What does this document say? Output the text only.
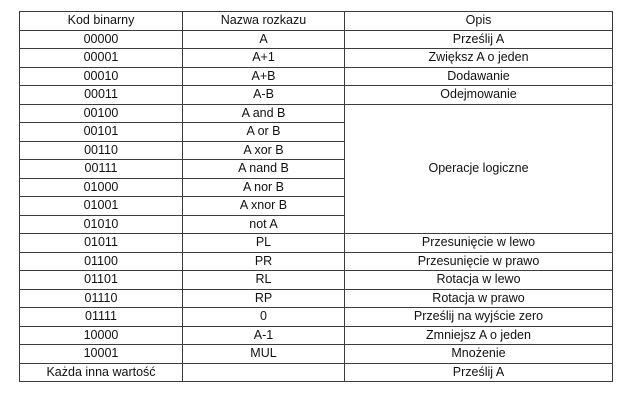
Kod binarny	Nazwa rozkazu	Opis
00000	A	Prześlij A
00001	A+1	Zwiększ A o jeden
00010	A+B	Dodawanie
00011	A-B	Odejmowanie
00100	A and B	Operacje logiczne
00101	A or B	
00110	A xor B	
00111	A nand B	
01000	A nor B	
01001	A xnor B	
01010	not A	
01011	PL	Przesunięcie w lewo
01100	PR	Przesunięcie w prawo
01101	RL	Rotacja w lewo
01110	RP	Rotacja w prawo
01111	0	Prześlij na wyjście zero
10000	A-1	Zmniejsz A o jeden
10001	MUL	Mnożenie
Każda inna wartość		Prześlij A
